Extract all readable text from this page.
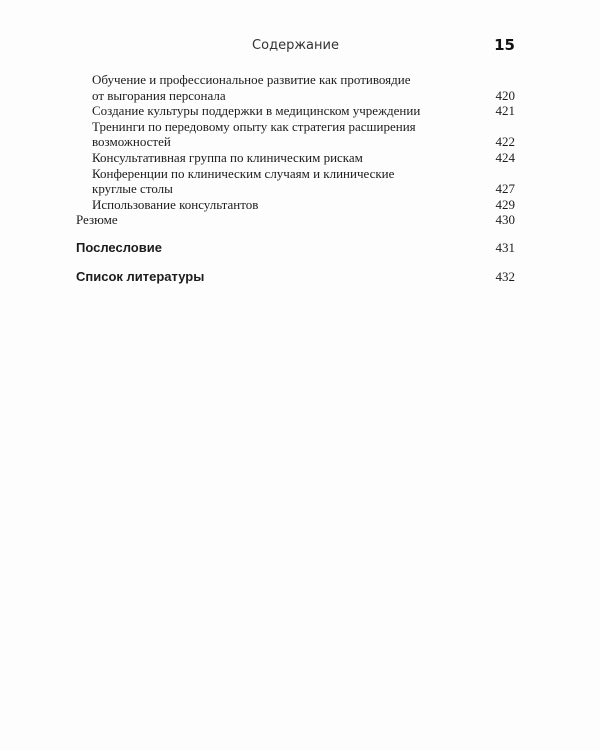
Содержание	15
Обучение и профессиональное развитие как противоядие
от выгорания персонала	420
Создание культуры поддержки в медицинском учреждении	421
Тренинги по передовому опыту как стратегия расширения
возможностей	422
Консультативная группа по клиническим рискам	424
Конференции по клиническим случаям и клинические
круглые столы	427
Использование консультантов	429
Резюме	430
Послесловие	431
Список литературы	432
